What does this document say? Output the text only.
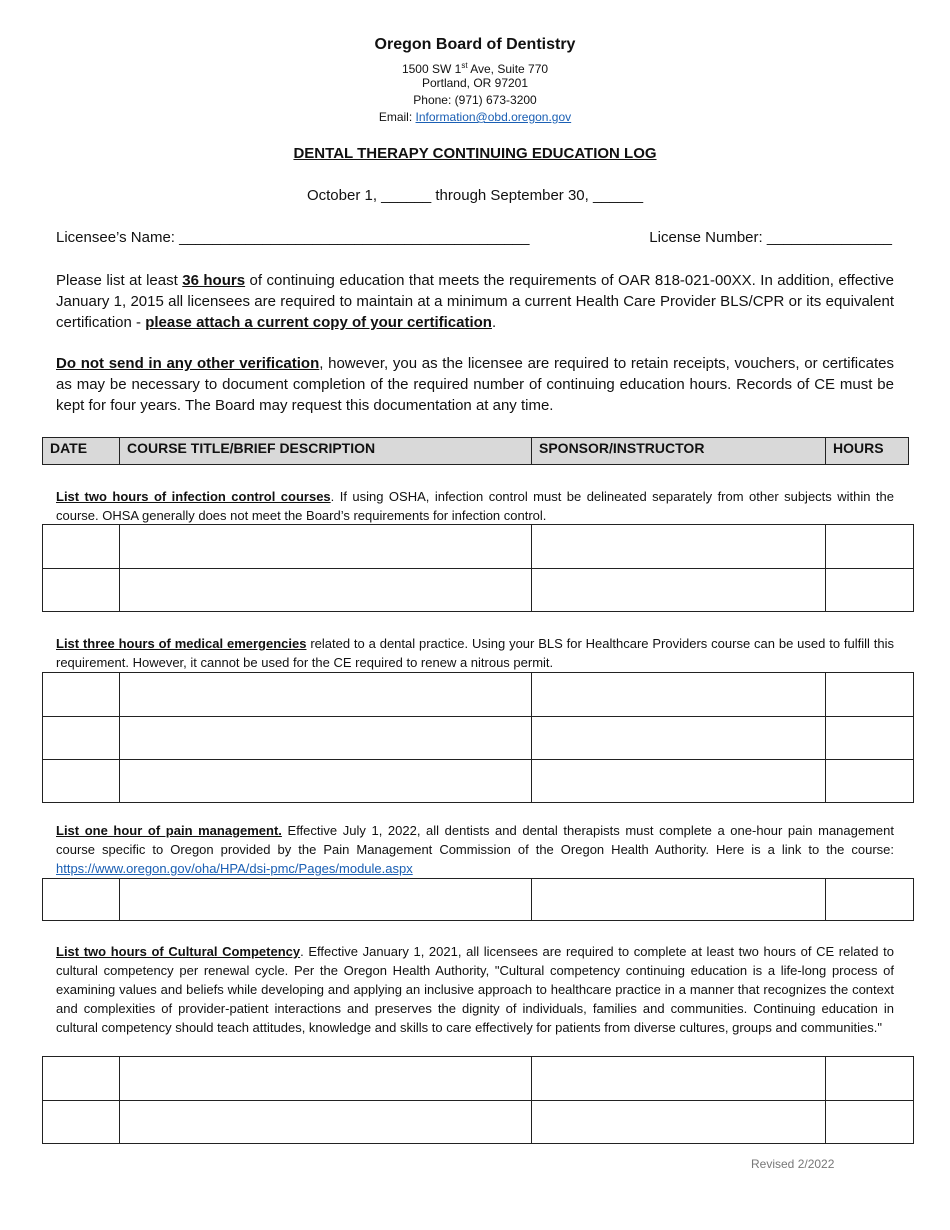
Oregon Board of Dentistry
1500 SW 1st Ave, Suite 770
Portland, OR 97201
Phone: (971) 673-3200
Email: Information@obd.oregon.gov
DENTAL THERAPY CONTINUING EDUCATION LOG
October 1, ______ through September 30, ______
Licensee’s Name: __________________________________________	License Number: _______________
Please list at least 36 hours of continuing education that meets the requirements of OAR 818-021-00XX. In addition, effective January 1, 2015 all licensees are required to maintain at a minimum a current Health Care Provider BLS/CPR or its equivalent certification - please attach a current copy of your certification.
Do not send in any other verification, however, you as the licensee are required to retain receipts, vouchers, or certificates as may be necessary to document completion of the required number of continuing education hours. Records of CE must be kept for four years. The Board may request this documentation at any time.
DATE	COURSE TITLE/BRIEF DESCRIPTION	SPONSOR/INSTRUCTOR	HOURS
List two hours of infection control courses. If using OSHA, infection control must be delineated separately from other subjects within the course. OHSA generally does not meet the Board’s requirements for infection control.
List three hours of medical emergencies related to a dental practice. Using your BLS for Healthcare Providers course can be used to fulfill this requirement. However, it cannot be used for the CE required to renew a nitrous permit.
List one hour of pain management. Effective July 1, 2022, all dentists and dental therapists must complete a one-hour pain management course specific to Oregon provided by the Pain Management Commission of the Oregon Health Authority. Here is a link to the course: https://www.oregon.gov/oha/HPA/dsi-pmc/Pages/module.aspx
List two hours of Cultural Competency. Effective January 1, 2021, all licensees are required to complete at least two hours of CE related to cultural competency per renewal cycle. Per the Oregon Health Authority, "Cultural competency continuing education is a life-long process of examining values and beliefs while developing and applying an inclusive approach to healthcare practice in a manner that recognizes the context and complexities of provider-patient interactions and preserves the dignity of individuals, families and communities. Continuing education in cultural competency should teach attitudes, knowledge and skills to care effectively for patients from diverse cultures, groups and communities."
Revised 2/2022
